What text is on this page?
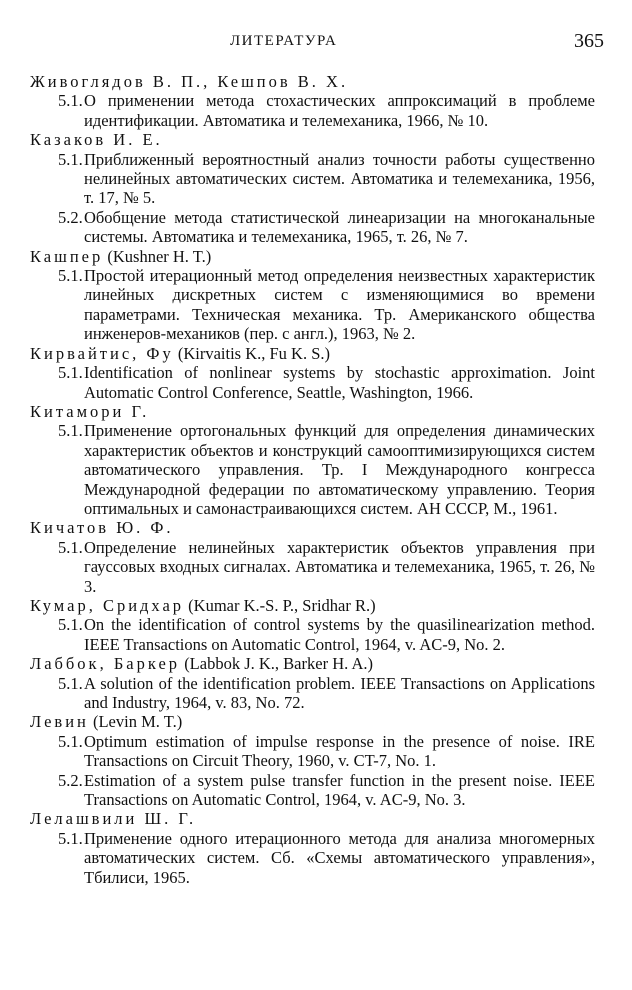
ЛИТЕРАТУРА	365
Живоглядов В. П., Кешпов В. Х.
5.1. О применении метода стохастических аппроксимаций в проблеме идентификации. Автоматика и телемеханика, 1966, № 10.
Казаков И. Е.
5.1. Приближенный вероятностный анализ точности работы существенно нелинейных автоматических систем. Автоматика и телемеханика, 1956, т. 17, № 5.
5.2. Обобщение метода статистической линеаризации на многоканальные системы. Автоматика и телемеханика, 1965, т. 26, № 7.
Кашпер (Kushner H. T.)
5.1. Простой итерационный метод определения неизвестных характеристик линейных дискретных систем с изменяющимися во времени параметрами. Техническая механика. Тр. Американского общества инженеров-механиков (пер. с англ.), 1963, № 2.
Кирвайтис, Фу (Kirvaitis K., Fu K. S.)
5.1. Identification of nonlinear systems by stochastic approximation. Joint Automatic Control Conference, Seattle, Washington, 1966.
Китамори Г.
5.1. Применение ортогональных функций для определения динамических характеристик объектов и конструкций самооптимизирующихся систем автоматического управления. Тр. I Международного конгресса Международной федерации по автоматическому управлению. Теория оптимальных и самонастраивающихся систем. АН СССР, М., 1961.
Кичатов Ю. Ф.
5.1. Определение нелинейных характеристик объектов управления при гауссовых входных сигналах. Автоматика и телемеханика, 1965, т. 26, № 3.
Кумар, Сридхар (Kumar K.-S. P., Sridhar R.)
5.1. On the identification of control systems by the quasilinearization method. IEEE Transactions on Automatic Control, 1964, v. AC-9, No. 2.
Лаббок, Баркер (Labbok J. K., Barker H. A.)
5.1. A solution of the identification problem. IEEE Transactions on Applications and Industry, 1964, v. 83, No. 72.
Левин (Levin M. T.)
5.1. Optimum estimation of impulse response in the presence of noise. IRE Transactions on Circuit Theory, 1960, v. CT-7, No. 1.
5.2. Estimation of a system pulse transfer function in the present noise. IEEE Transactions on Automatic Control, 1964, v. AC-9, No. 3.
Лелашвили Ш. Г.
5.1. Применение одного итерационного метода для анализа многомерных автоматических систем. Сб. «Схемы автоматического управления», Тбилиси, 1965.
